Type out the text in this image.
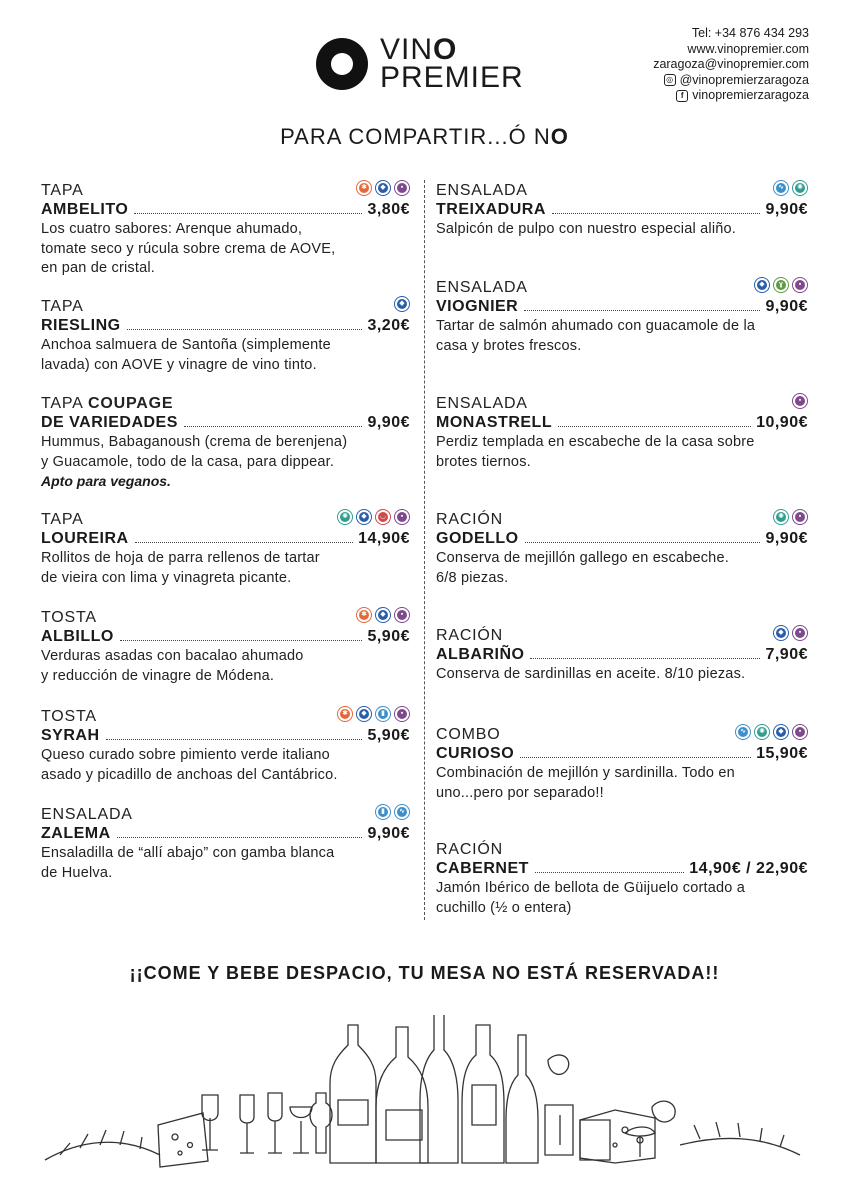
VINO
PREMIER
Tel: +34 876 434 293
www.vinopremier.com
zaragoza@vinopremier.com
◎ @vinopremierzaragoza
f vinopremierzaragoza
PARA COMPARTIR...Ó NO
TAPA	✱	◆	▪
AMBELITO	3,80€
Los cuatro sabores: Arenque ahumado,
tomate seco y rúcula sobre crema de AOVE,
en pan de cristal.
TAPA	◆
RIESLING	3,20€
Anchoa salmuera de Santoña (simplemente
lavada) con AOVE y vinagre de vino tinto.
TAPA COUPAGE
DE VARIEDADES	9,90€
Hummus, Babaganoush (crema de berenjena)
y Guacamole, todo de la casa, para dippear.
Apto para veganos.
TAPA	✺	◆	◡	▪
LOUREIRA	14,90€
Rollitos de hoja de parra rellenos de tartar
de vieira con lima y vinagreta picante.
TOSTA	✱	◆	▪
ALBILLO	5,90€
Verduras asadas con bacalao ahumado
y reducción de vinagre de Módena.
TOSTA	✱	◆	▮	▪
SYRAH	5,90€
Queso curado sobre pimiento verde italiano
asado y picadillo de anchoas del Cantábrico.
ENSALADA	▮	∿
ZALEMA	9,90€
Ensaladilla de “allí abajo” con gamba blanca
de Huelva.
ENSALADA	∿ ✺
TREIXADURA	9,90€
Salpicón de pulpo con nuestro especial aliño.
ENSALADA	◆	ɣ	▪
VIOGNIER	9,90€
Tartar de salmón ahumado con guacamole de la
casa y brotes frescos.
ENSALADA	▪
MONASTRELL	10,90€
Perdiz templada en escabeche de la casa sobre
brotes tiernos.
RACIÓN	✺	▪
GODELLO	9,90€
Conserva de mejillón gallego en escabeche.
6/8 piezas.
RACIÓN	◆	▪
ALBARIÑO	7,90€
Conserva de sardinillas en aceite. 8/10 piezas.
COMBO	∿ ✺	◆	▪
CURIOSO	15,90€
Combinación de mejillón y sardinilla. Todo en
uno...pero por separado!!
RACIÓN
CABERNET	14,90€ / 22,90€
Jamón Ibérico de bellota de Güijuelo cortado a
cuchillo (½ o entera)
¡¡COME Y BEBE DESPACIO, TU MESA NO ESTÁ RESERVADA!!
